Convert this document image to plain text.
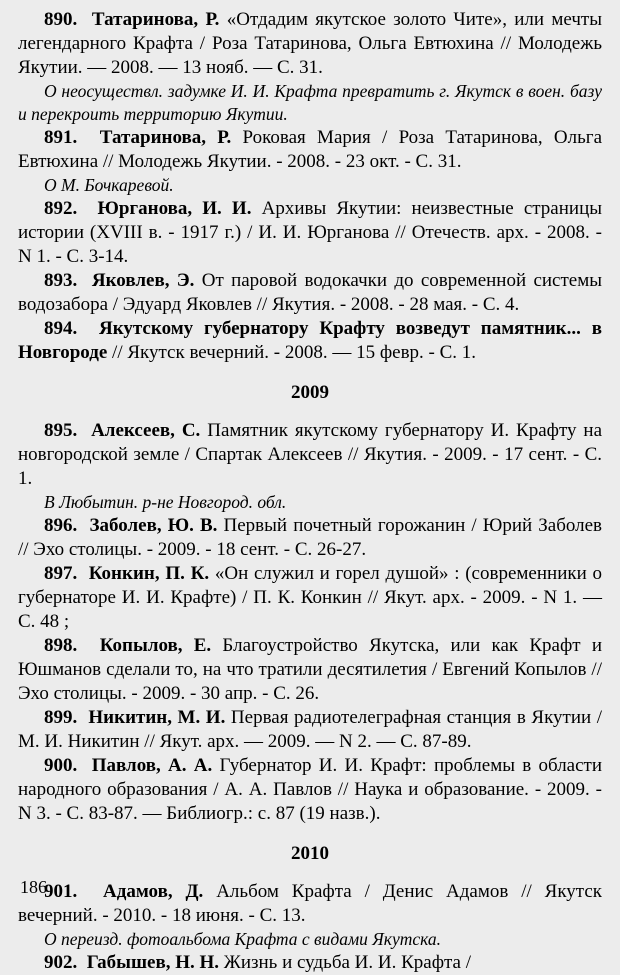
890. Татаринова, Р. «Отдадим якутское золото Чите», или мечты легендарного Крафта / Роза Татаринова, Ольга Евтюхина // Молодежь Якутии. — 2008. — 13 нояб. — С. 31.

О неосуществл. задумке И. И. Крафта превратить г. Якутск в воен. базу и перекроить территорию Якутии.

891. Татаринова, Р. Роковая Мария / Роза Татаринова, Ольга Евтюхина // Молодежь Якутии. - 2008. - 23 окт. - С. 31.

О М. Бочкаревой.

892. Юрганова, И. И. Архивы Якутии: неизвестные страницы истории (XVIII в. - 1917 г.) / И. И. Юрганова // Отечеств. арх. - 2008. - N 1. - С. 3-14.

893. Яковлев, Э. От паровой водокачки до современной системы водозабора / Эдуард Яковлев // Якутия. - 2008. - 28 мая. - С. 4.

894. Якутскому губернатору Крафту возведут памятник... в Новгороде // Якутск вечерний. - 2008. — 15 февр. - С. 1.

2009

895. Алексеев, С. Памятник якутскому губернатору И. Крафту на новгородской земле / Спартак Алексеев // Якутия. - 2009. - 17 сент. - С. 1.

В Любытин. р-не Новгород. обл.

896. Заболев, Ю. В. Первый почетный горожанин / Юрий Заболев // Эхо столицы. - 2009. - 18 сент. - С. 26-27.

897. Конкин, П. К. «Он служил и горел душой» : (современники о губернаторе И. И. Крафте) / П. К. Конкин // Якут. арх. - 2009. - N 1. — С. 48 ;

898. Копылов, Е. Благоустройство Якутска, или как Крафт и Юшманов сделали то, на что тратили десятилетия / Евгений Копылов // Эхо столицы. - 2009. - 30 апр. - С. 26.

899. Никитин, М. И. Первая радиотелеграфная станция в Якутии / М. И. Никитин // Якут. арх. — 2009. — N 2. — С. 87-89.

900. Павлов, А. А. Губернатор И. И. Крафт: проблемы в области народного образования / А. А. Павлов // Наука и образование. - 2009. - N 3. - С. 83-87. — Библиогр.: с. 87 (19 назв.).

2010

901. Адамов, Д. Альбом Крафта / Денис Адамов // Якутск вечерний. - 2010. - 18 июня. - С. 13.

О переизд. фотоальбома Крафта с видами Якутска.

902. Габышев, Н. Н. Жизнь и судьба И. И. Крафта /

186
